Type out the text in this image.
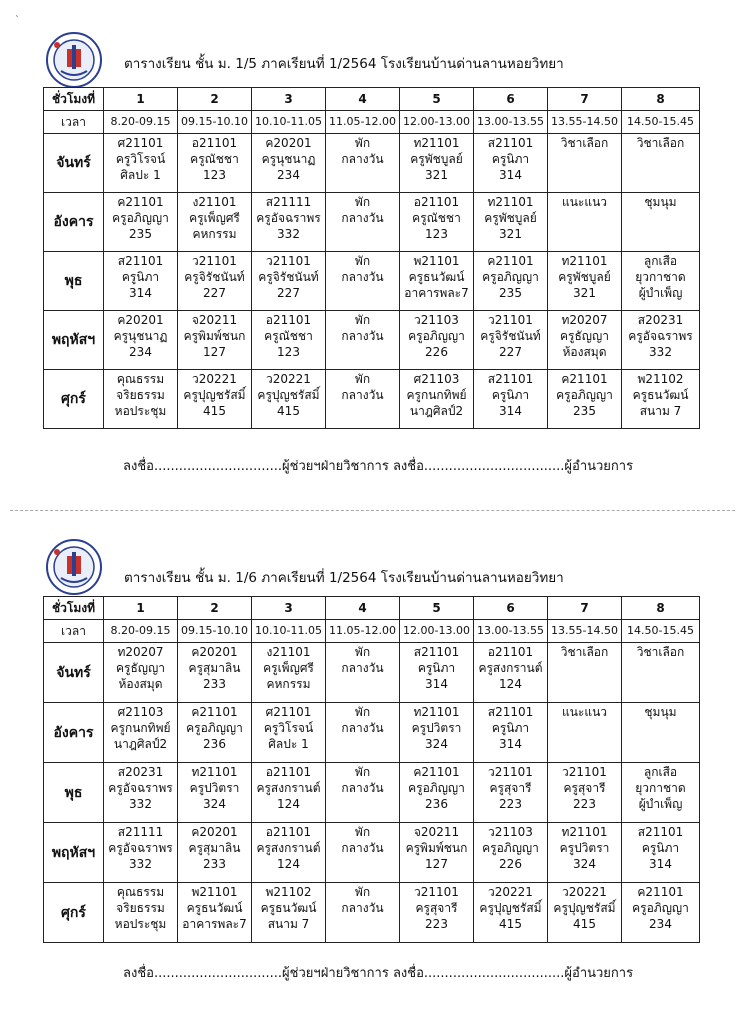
ˎ
ตารางเรียน ชั้น ม. 1/5 ภาคเรียนที่ 1/2564 โรงเรียนบ้านด่านลานหอยวิทยา
ชั่วโมงที่	1	2	3	4	5	6	7	8
เวลา	8.20-09.15	09.15-10.10	10.10-11.05	11.05-12.00	12.00-13.00	13.00-13.55	13.55-14.50	14.50-15.45
จันทร์	ศ21101
ครูวิโรจน์
ศิลปะ 1	อ21101
ครูณัชชา
123	ค20201
ครูนุชนาฏ
234	พัก
กลางวัน	ท21101
ครูพัชบูลย์
321	ส21101
ครูนิภา
314	วิชาเลือก	วิชาเลือก

อังคาร	ค21101
ครูอภิญญา
235	ง21101
ครูเพ็ญศรี
คหกรรม	ส21111
ครูอัจฉราพร
332	พัก
กลางวัน	อ21101
ครูณัชชา
123	ท21101
ครูพัชบูลย์
321	แนะแนว	ชุมนุม

พุธ	ส21101
ครูนิภา
314	ว21101
ครูจิรัชนันท์
227	ว21101
ครูจิรัชนันท์
227	พัก
กลางวัน	พ21101
ครูธนวัฒน์
อาคารพละ7	ค21101
ครูอภิญญา
235	ท21101
ครูพัชบูลย์
321	ลูกเสือ
ยุวกาชาด
ผู้บำเพ็ญ

พฤหัสฯ	ค20201
ครูนุชนาฏ
234	จ20211
ครูพิมพ์ชนก
127	อ21101
ครูณัชชา
123	พัก
กลางวัน	ว21103
ครูอภิญญา
226	ว21101
ครูจิรัชนันท์
227	ท20207
ครูธัญญา
ห้องสมุด	ส20231
ครูอัจฉราพร
332

ศุกร์	คุณธรรม
จริยธรรม
หอประชุม	ว20221
ครูปุญชรัสมิ์
415	ว20221
ครูปุญชรัสมิ์
415	พัก
กลางวัน	ศ21103
ครูกนกทิพย์
นาฎศิลป์2	ส21101
ครูนิภา
314	ค21101
ครูอภิญญา
235	พ21102
ครูธนวัฒน์
สนาม 7
ลงชื่อ...............................ผู้ช่วยฯฝ่ายวิชาการ ลงชื่อ..................................ผู้อำนวยการ
ตารางเรียน ชั้น ม. 1/6 ภาคเรียนที่ 1/2564 โรงเรียนบ้านด่านลานหอยวิทยา
ชั่วโมงที่	1	2	3	4	5	6	7	8
เวลา	8.20-09.15	09.15-10.10	10.10-11.05	11.05-12.00	12.00-13.00	13.00-13.55	13.55-14.50	14.50-15.45
จันทร์	ท20207
ครูธัญญา
ห้องสมุด	ค20201
ครูสุมาลิน
233	ง21101
ครูเพ็ญศรี
คหกรรม	พัก
กลางวัน	ส21101
ครูนิภา
314	อ21101
ครูสงกรานต์
124	วิชาเลือก	วิชาเลือก

อังคาร	ศ21103
ครูกนกทิพย์
นาฎศิลป์2	ค21101
ครูอภิญญา
236	ศ21101
ครูวิโรจน์
ศิลปะ 1	พัก
กลางวัน	ท21101
ครูปวิตรา
324	ส21101
ครูนิภา
314	แนะแนว	ชุมนุม

พุธ	ส20231
ครูอัจฉราพร
332	ท21101
ครูปวิตรา
324	อ21101
ครูสงกรานต์
124	พัก
กลางวัน	ค21101
ครูอภิญญา
236	ว21101
ครูสุจารี
223	ว21101
ครูสุจารี
223	ลูกเสือ
ยุวกาชาด
ผู้บำเพ็ญ

พฤหัสฯ	ส21111
ครูอัจฉราพร
332	ค20201
ครูสุมาลิน
233	อ21101
ครูสงกรานต์
124	พัก
กลางวัน	จ20211
ครูพิมพ์ชนก
127	ว21103
ครูอภิญญา
226	ท21101
ครูปวิตรา
324	ส21101
ครูนิภา
314

ศุกร์	คุณธรรม
จริยธรรม
หอประชุม	พ21101
ครูธนวัฒน์
อาคารพละ7	พ21102
ครูธนวัฒน์
สนาม 7	พัก
กลางวัน	ว21101
ครูสุจารี
223	ว20221
ครูปุญชรัสมิ์
415	ว20221
ครูปุญชรัสมิ์
415	ค21101
ครูอภิญญา
234
ลงชื่อ...............................ผู้ช่วยฯฝ่ายวิชาการ ลงชื่อ..................................ผู้อำนวยการ
